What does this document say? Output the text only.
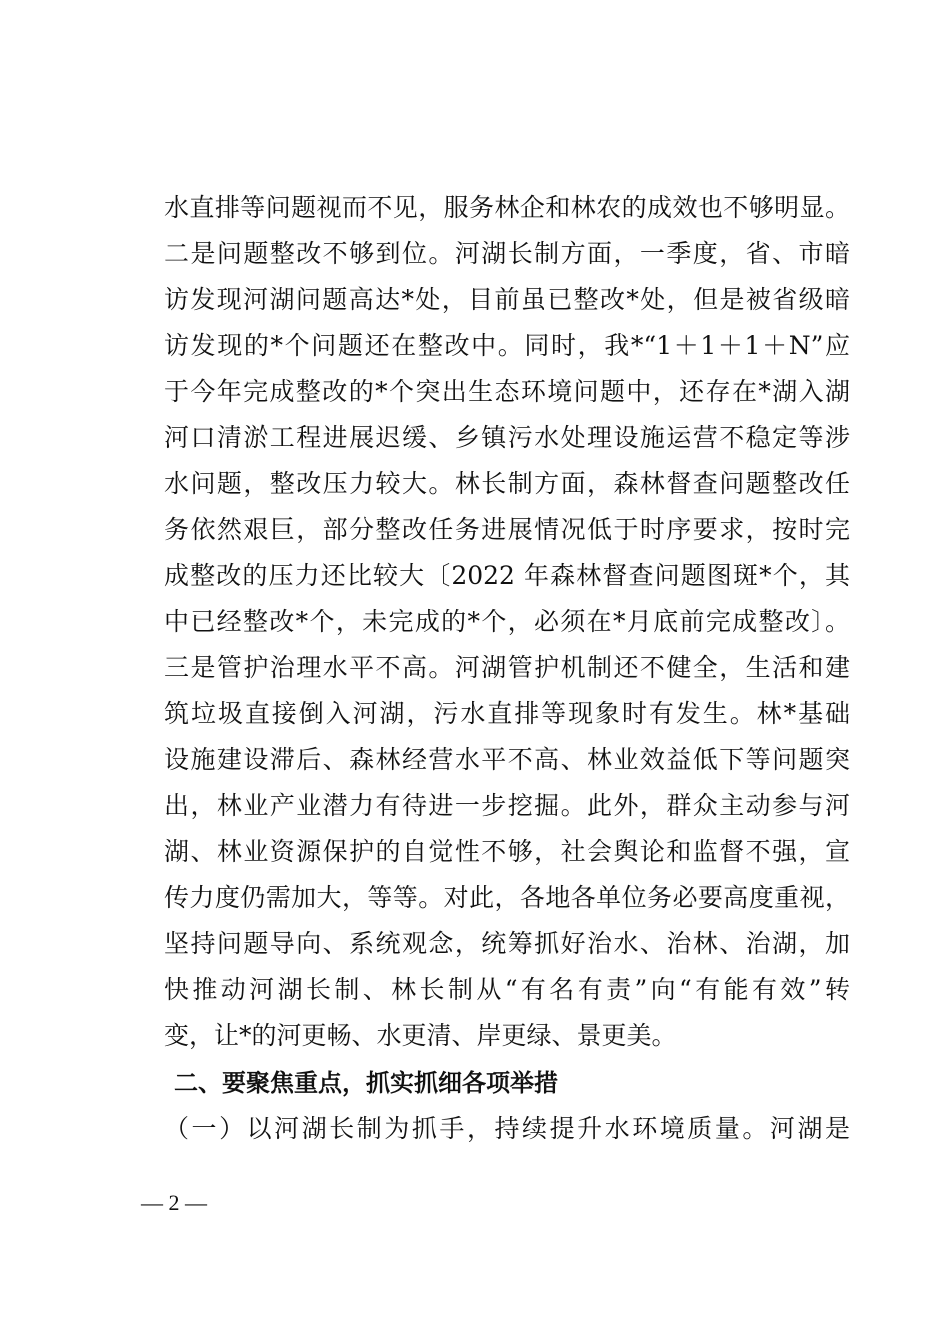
水直排等问题视而不见，服务林企和林农的成效也不够明显。
二是问题整改不够到位。河湖长制方面，一季度，省、市暗
访发现河湖问题高达*处，目前虽已整改*处，但是被省级暗
访发现的*个问题还在整改中。同时，我*“1＋1＋1＋N”应
于今年完成整改的*个突出生态环境问题中，还存在*湖入湖
河口清淤工程进展迟缓、乡镇污水处理设施运营不稳定等涉
水问题，整改压力较大。林长制方面，森林督查问题整改任
务依然艰巨，部分整改任务进展情况低于时序要求，按时完
成整改的压力还比较大〔2022 年森林督查问题图斑*个，其
中已经整改*个，未完成的*个，必须在*月底前完成整改〕。
三是管护治理水平不高。河湖管护机制还不健全，生活和建
筑垃圾直接倒入河湖，污水直排等现象时有发生。林*基础
设施建设滞后、森林经营水平不高、林业效益低下等问题突
出，林业产业潜力有待进一步挖掘。此外，群众主动参与河
湖、林业资源保护的自觉性不够，社会舆论和监督不强，宣
传力度仍需加大，等等。对此，各地各单位务必要高度重视，
坚持问题导向、系统观念，统筹抓好治水、治林、治湖，加
快推动河湖长制、林长制从“有名有责”向“有能有效”转
变，让*的河更畅、水更清、岸更绿、景更美。
二、要聚焦重点，抓实抓细各项举措
（一）以河湖长制为抓手，持续提升水环境质量。河湖是
— 2 —
